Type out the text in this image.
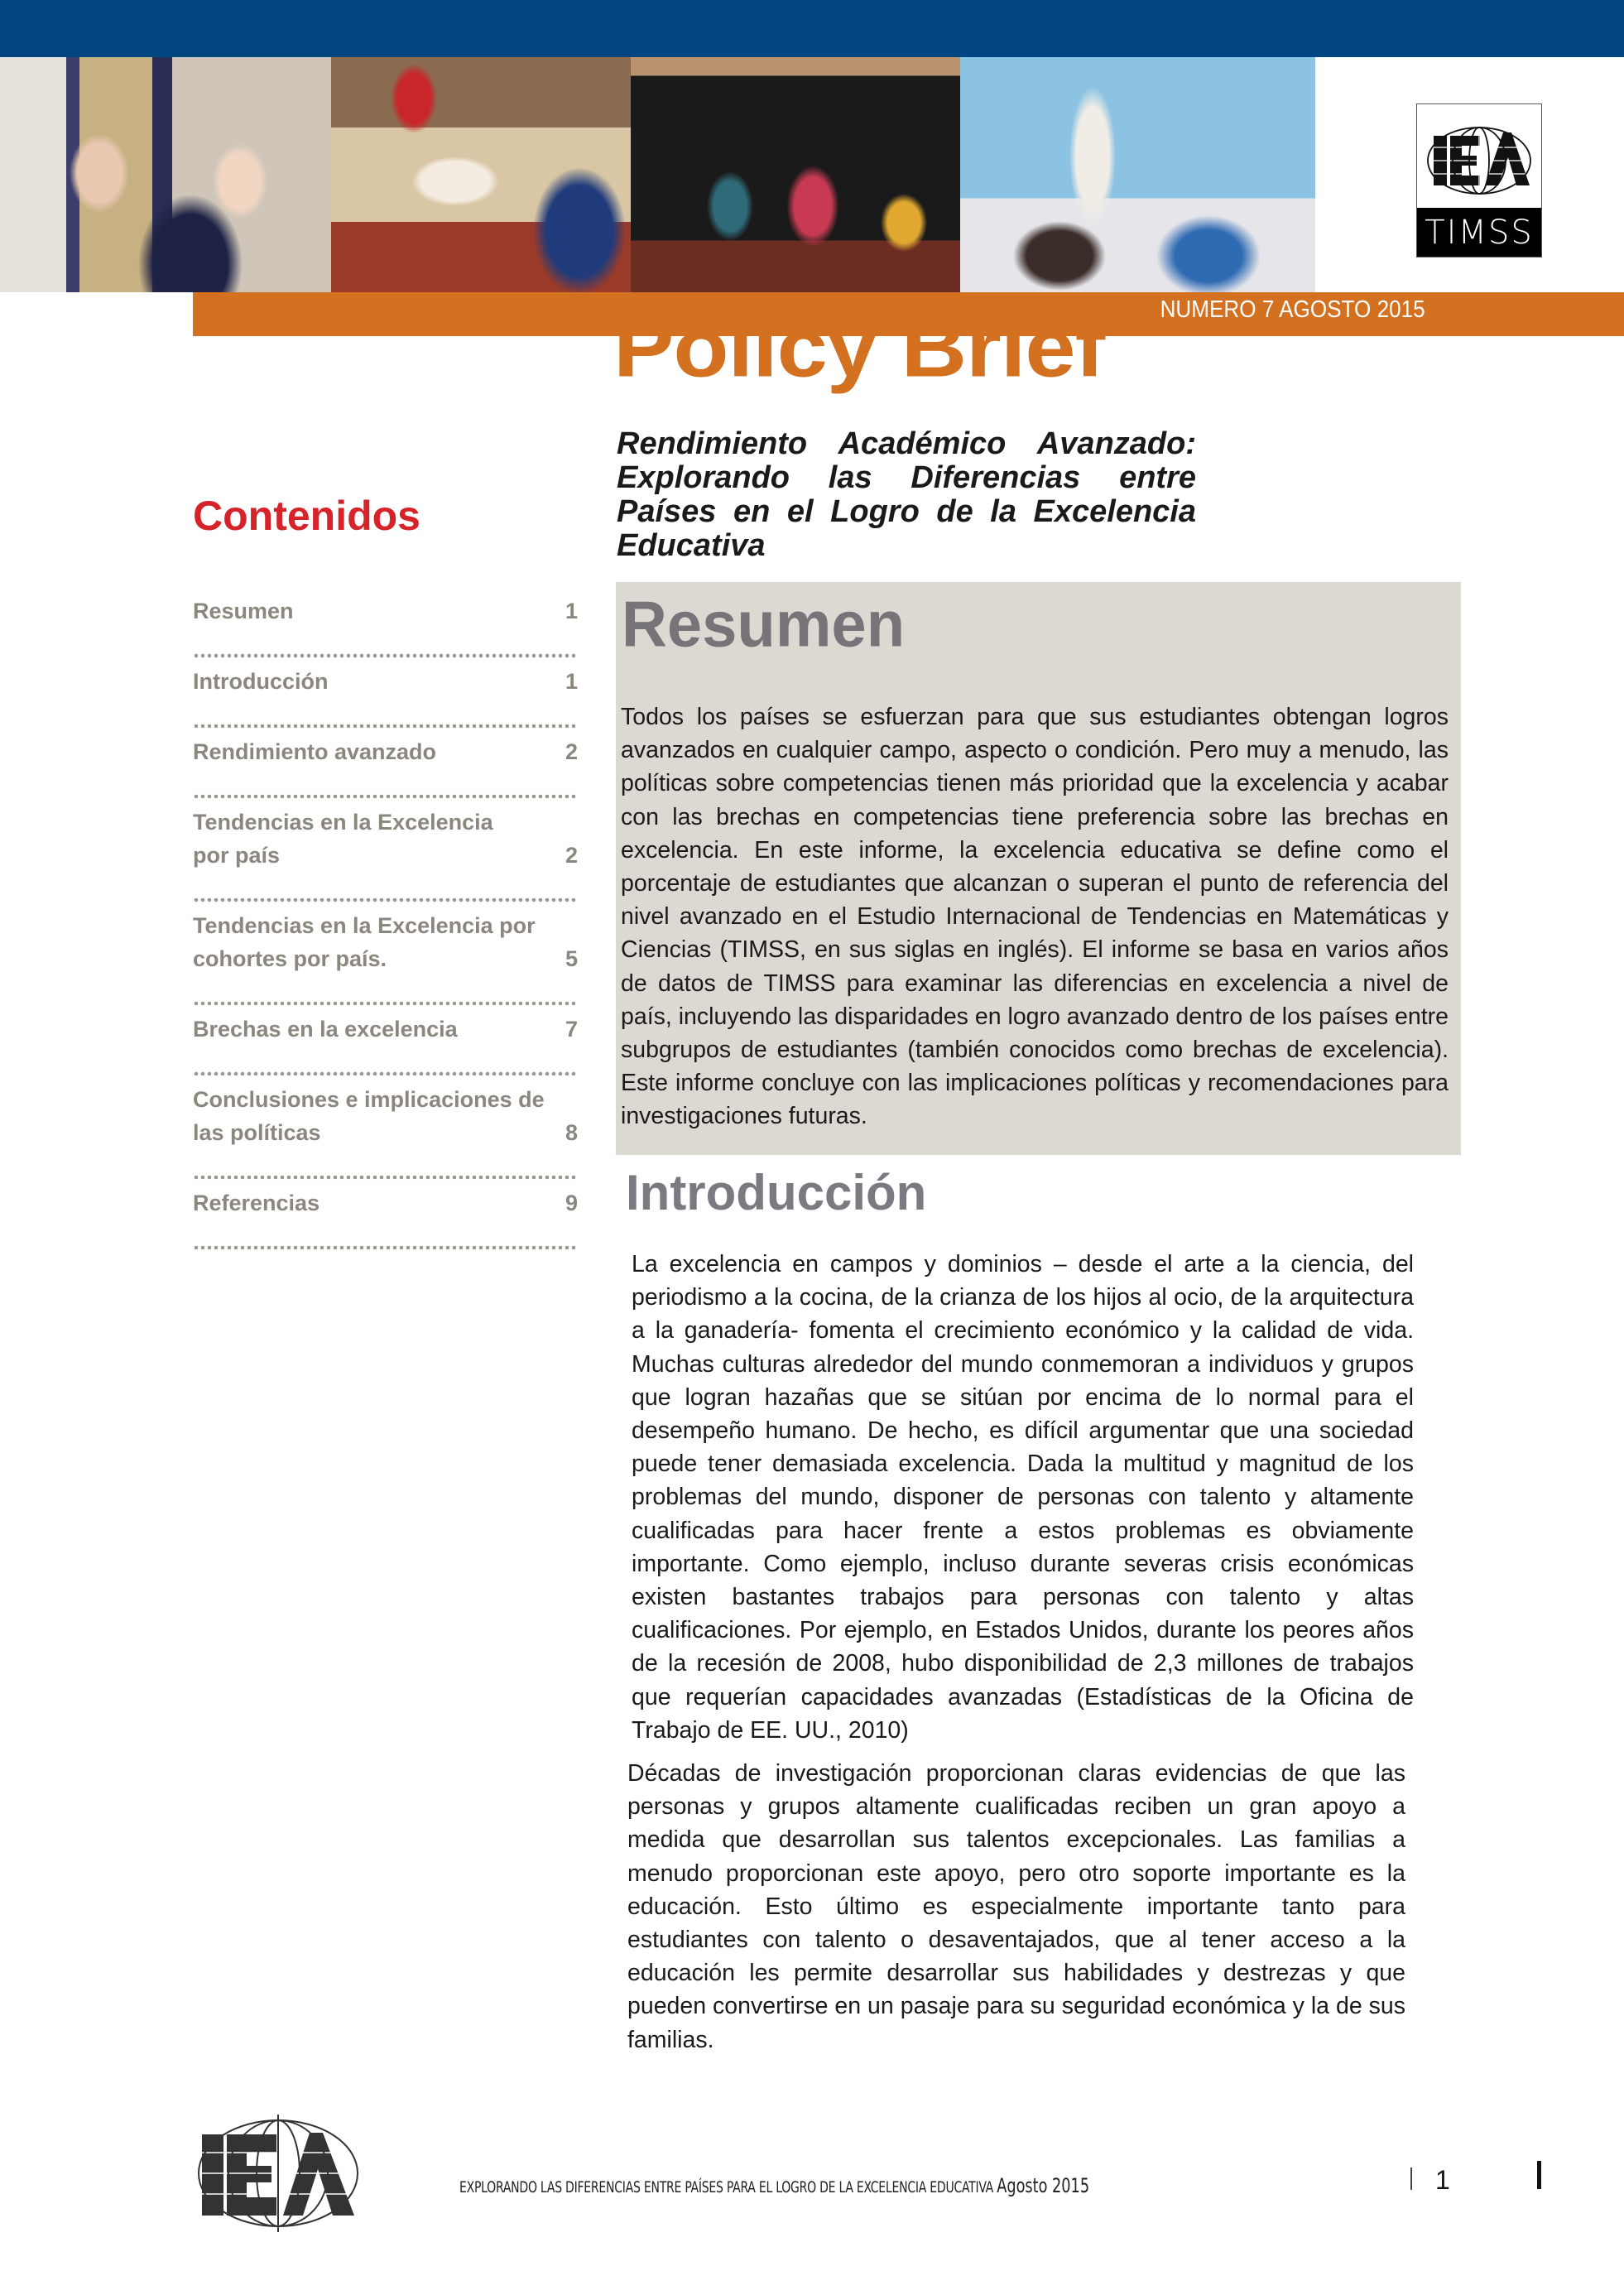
TIMSS
NUMERO 7 AGOSTO 2015
Policy Brief
Rendimiento Académico Avanzado: Explorando las Diferencias entre Países en el Logro de la Excelencia Educativa
Contenidos
Resumen	1
Introducción	1
Rendimiento avanzado	2
Tendencias en la Excelencia por país	2
Tendencias en la Excelencia por cohortes por país.	5
Brechas en la excelencia	7
Conclusiones e implicaciones de las políticas	8
Referencias	9
Resumen
Todos los países se esfuerzan para que sus estudiantes obtengan logros avanzados en cualquier campo, aspecto o condición. Pero muy a menudo, las políticas sobre competencias tienen más prioridad que la excelencia y acabar con las brechas en competencias tiene preferencia sobre las brechas en excelencia. En este informe, la excelencia educativa se define como el porcentaje de estudiantes que alcanzan o superan el punto de referencia del nivel avanzado en el Estudio Internacional de Tendencias en Matemáticas y Ciencias (TIMSS, en sus siglas en inglés). El informe se basa en varios años de datos de TIMSS para examinar las diferencias en excelencia a nivel de país, incluyendo las disparidades en logro avanzado dentro de los países entre subgrupos de estudiantes (también conocidos como brechas de excelencia). Este informe concluye con las implicaciones políticas y recomendaciones para investigaciones futuras.
Introducción
La excelencia en campos y dominios – desde el arte a la ciencia, del periodismo a la cocina, de la crianza de los hijos al ocio, de la arquitectura a la ganadería- fomenta el crecimiento económico y la calidad de vida. Muchas culturas alrededor del mundo conmemoran a individuos y grupos que logran hazañas que se sitúan por encima de lo normal para el desempeño humano. De hecho, es difícil argumentar que una sociedad puede tener demasiada excelencia. Dada la multitud y magnitud de los problemas del mundo, disponer de personas con talento y altamente cualificadas para hacer frente a estos problemas es obviamente importante. Como ejemplo, incluso durante severas crisis económicas existen bastantes trabajos para personas con talento y altas cualificaciones. Por ejemplo, en Estados Unidos, durante los peores años de la recesión de 2008, hubo disponibilidad de 2,3 millones de trabajos que requerían capacidades avanzadas (Estadísticas de la Oficina de Trabajo de EE. UU., 2010)
Décadas de investigación proporcionan claras evidencias de que las personas y grupos altamente cualificadas reciben un gran apoyo a medida que desarrollan sus talentos excepcionales. Las familias a menudo proporcionan este apoyo, pero otro soporte importante es la educación. Esto último es especialmente importante tanto para estudiantes con talento o desaventajados, que al tener acceso a la educación les permite desarrollar sus habilidades y destrezas y que pueden convertirse en un pasaje para su seguridad económica y la de sus familias.
EXPLORANDO LAS DIFERENCIAS ENTRE PAÍSES PARA EL LOGRO DE LA EXCELENCIA EDUCATIVA Agosto 2015	1
